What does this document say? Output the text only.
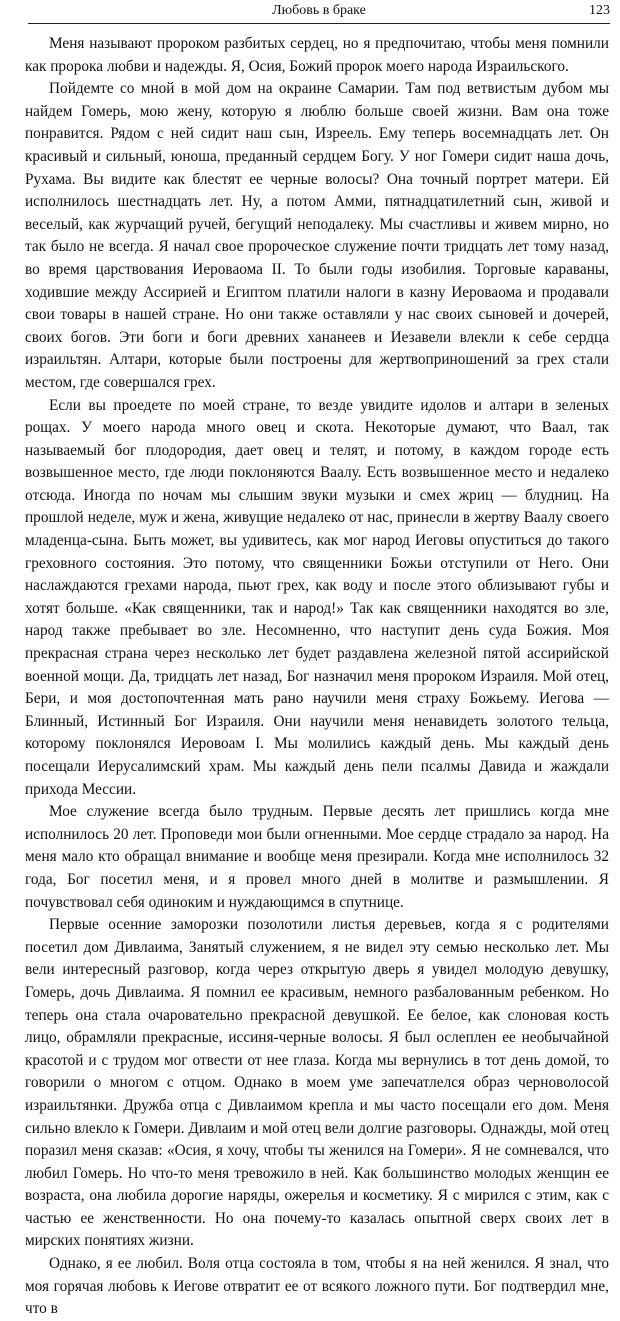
Любовь в браке	123

Меня называют пророком разбитых сердец, но я предпочитаю, чтобы меня помнили как пророка любви и надежды. Я, Осия, Божий пророк моего народа Израильского.

Пойдемте со мной в мой дом на окраине Самарии. Там под ветвистым дубом мы найдем Гомерь, мою жену, которую я люблю больше своей жизни. Вам она тоже понравится. Рядом с ней сидит наш сын, Изреель. Ему теперь восемнадцать лет. Он красивый и сильный, юноша, преданный сердцем Богу. У ног Гомери сидит наша дочь, Рухама. Вы видите как блестят ее черные волосы? Она точный портрет матери. Ей исполнилось шестнадцать лет. Ну, а потом Амми, пятнадцатилетний сын, живой и веселый, как журчащий ручей, бегущий неподалеку. Мы счастливы и живем мирно, но так было не всегда. Я начал свое пророческое служение почти тридцать лет тому назад, во время царствования Иероваома II. То были годы изобилия. Торговые караваны, ходившие между Ассирией и Египтом платили налоги в казну Иероваома и продавали свои товары в нашей стране. Но они также оставляли у нас своих сыновей и дочерей, своих богов. Эти боги и боги древних хананеев и Иезавели влекли к себе сердца израильтян. Алтари, которые были построены для жертвоприношений за грех стали местом, где совершался грех.

Если вы проедете по моей стране, то везде увидите идолов и алтари в зеленых рощах. У моего народа много овец и скота. Некоторые думают, что Ваал, так называемый бог плодородия, дает овец и телят, и потому, в каждом городе есть возвышенное место, где люди поклоняются Ваалу. Есть возвышенное место и недалеко отсюда. Иногда по ночам мы слышим звуки музыки и смех жриц — блудниц. На прошлой неделе, муж и жена, живущие недалеко от нас, принесли в жертву Ваалу своего младенца-сына. Быть может, вы удивитесь, как мог народ Иеговы опуститься до такого греховного состояния. Это потому, что священники Божьи отступили от Него. Они наслаждаются грехами народа, пьют грех, как воду и после этого облизывают губы и хотят больше. «Как священники, так и народ!» Так как священники находятся во зле, народ также пребывает во зле. Несомненно, что наступит день суда Божия. Моя прекрасная страна через несколько лет будет раздавлена железной пятой ассирийской военной мощи. Да, тридцать лет назад, Бог назначил меня пророком Израиля. Мой отец, Бери, и моя достопочтенная мать рано научили меня страху Божьему. Иегова — Блинный, Истинный Бог Израиля. Они научили меня ненавидеть золотого тельца, которому поклонялся Иеровоам I. Мы молились каждый день. Мы каждый день посещали Иерусалимский храм. Мы каждый день пели псалмы Давида и жаждали прихода Мессии.

Мое служение всегда было трудным. Первые десять лет пришлись когда мне исполнилось 20 лет. Проповеди мои были огненными. Мое сердце страдало за народ. На меня мало кто обращал внимание и вообще меня презирали. Когда мне исполнилось 32 года, Бог посетил меня, и я провел много дней в молитве и размышлении. Я почувствовал себя одиноким и нуждающимся в спутнице.

Первые осенние заморозки позолотили листья деревьев, когда я с родителями посетил дом Дивлаима, Занятый служением, я не видел эту семью несколько лет. Мы вели интересный разговор, когда через открытую дверь я увидел молодую девушку, Гомерь, дочь Дивлаима. Я помнил ее красивым, немного разбалованным ребенком. Но теперь она стала очаровательно прекрасной девушкой. Ее белое, как слоновая кость лицо, обрамляли прекрасные, иссиня-черные волосы. Я был ослеплен ее необычайной красотой и с трудом мог отвести от нее глаза. Когда мы вернулись в тот день домой, то говорили о многом с отцом. Однако в моем уме запечатлелся образ черноволосой израильтянки. Дружба отца с Дивлаимом крепла и мы часто посещали его дом. Меня сильно влекло к Гомери. Дивлаим и мой отец вели долгие разговоры. Однажды, мой отец поразил меня сказав: «Осия, я хочу, чтобы ты женился на Гомери». Я не сомневался, что любил Гомерь. Но что-то меня тревожило в ней. Как большинство молодых женщин ее возраста, она любила дорогие наряды, ожерелья и косметику. Я с мирился с этим, как с частью ее женственности. Но она почему-то казалась опытной сверх своих лет в мирских понятиях жизни.

Однако, я ее любил. Воля отца состояла в том, чтобы я на ней женился. Я знал, что моя горячая любовь к Иегове отвратит ее от всякого ложного пути. Бог подтвердил мне, что в
